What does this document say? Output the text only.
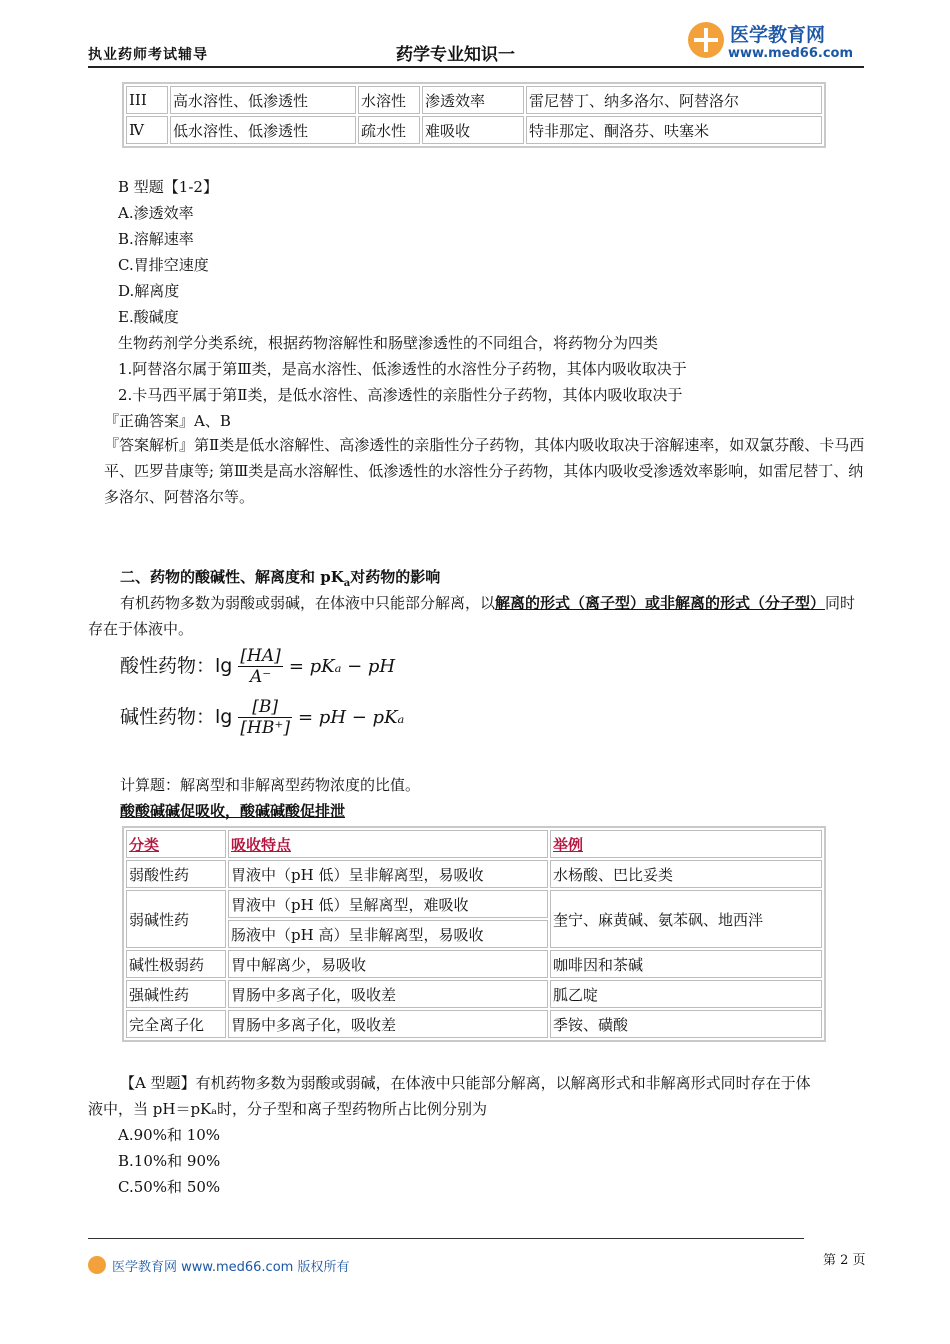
执业药师考试辅导	药学专业知识一
医学教育网
www.med66.com
III	高水溶性、低渗透性	水溶性	渗透效率	雷尼替丁、纳多洛尔、阿替洛尔
Ⅳ	低水溶性、低渗透性	疏水性	难吸收	特非那定、酮洛芬、呋塞米
B 型题【1-2】
A.渗透效率
B.溶解速率
C.胃排空速度
D.解离度
E.酸碱度
生物药剂学分类系统，根据药物溶解性和肠壁渗透性的不同组合，将药物分为四类
1.阿替洛尔属于第Ⅲ类，是高水溶性、低渗透性的水溶性分子药物，其体内吸收取决于
2.卡马西平属于第Ⅱ类，是低水溶性、高渗透性的亲脂性分子药物，其体内吸收取决于
『正确答案』A、B
『答案解析』第Ⅱ类是低水溶解性、高渗透性的亲脂性分子药物，其体内吸收取决于溶解速率，如双氯芬酸、卡马西平、匹罗昔康等; 第Ⅲ类是高水溶解性、低渗透性的水溶性分子药物，其体内吸收受渗透效率影响，如雷尼替丁、纳多洛尔、阿替洛尔等。
二、药物的酸碱性、解离度和 $pK_a$对药物的影响
有机药物多数为弱酸或弱碱，在体液中只能部分解离，以解离的形式（离子型）或非解离的形式（分子型）同时存在于体液中。
酸性药物：$\lg \frac{[HA]}{A^-} = pK_a$ − pH
碱性药物：$\lg \frac{[B]}{[HB^+]}$ = pH − pKₐ
计算题：解离型和非解离型药物浓度的比值。
酸酸碱碱促吸收，酸碱碱酸促排泄
分类	吸收特点	举例
弱酸性药	胃液中（pH 低）呈非解离型，易吸收	水杨酸、巴比妥类
弱碱性药	胃液中（pH 低）呈解离型，难吸收	奎宁、麻黄碱、氨苯砜、地西泮
	肠液中（pH 高）呈非解离型，易吸收	
碱性极弱药	胃中解离少，易吸收	咖啡因和茶碱
强碱性药	胃肠中多离子化，吸收差	胍乙啶
完全离子化	胃肠中多离子化，吸收差	季铵、磺酸
【A 型题】有机药物多数为弱酸或弱碱，在体液中只能部分解离，以解离形式和非解离形式同时存在于体
液中，当 pH＝pKₐ时，分子型和离子型药物所占比例分别为
A.90%和 10%
B.10%和 90%
C.50%和 50%
医学教育网 www.med66.com 版权所有	第 2 页
